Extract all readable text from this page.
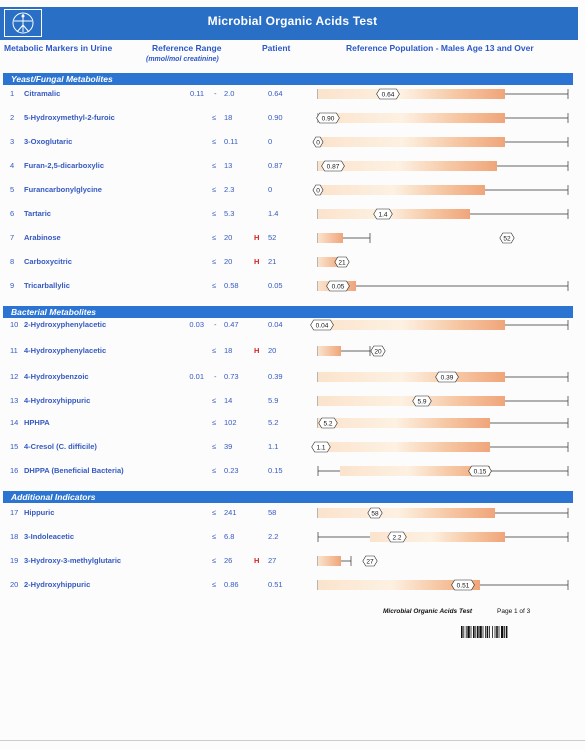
Microbial Organic Acids Test
Metabolic Markers in Urine	Reference Range
(mmol/mol creatinine)
Patient	Reference Population - Males Age 13 and Over
Yeast/Fungal Metabolites
Bacterial Metabolites
Additional Indicators
1 Citramalic	0.11 - 2.0	0.64
2 5-Hydroxymethyl-2-furoic	≤ 18	0.90
3 3-Oxoglutaric	≤ 0.11	0
4 Furan-2,5-dicarboxylic	≤ 13	0.87
5 Furancarbonylglycine	≤ 2.3	0
6 Tartaric	≤ 5.3	1.4
7 Arabinose	≤ 20	H 52
8 Carboxycitric	≤ 20	H 21
9 Tricarballylic	≤ 0.58	0.05
10 2-Hydroxyphenylacetic	0.03 - 0.47	0.04
11 4-Hydroxyphenylacetic	≤ 18	H 20
12 4-Hydroxybenzoic	0.01 - 0.73	0.39
13 4-Hydroxyhippuric	≤ 14	5.9
14 HPHPA	≤ 102	5.2
15 4-Cresol (C. difficile)	≤ 39	1.1
16 DHPPA (Beneficial Bacteria)	≤ 0.23	0.15
17 Hippuric	≤ 241	58
18 3-Indoleacetic	≤ 6.8	2.2
19 3-Hydroxy-3-methylglutaric	≤ 26	H 27
20 2-Hydroxyhippuric	≤ 0.86	0.51
0.64
0.90
0
0.87
0
1.4
52
21
0.05
0.04
20
0.39
5.9
5.2
1.1
0.15
58
2.2
27
0.51
Microbial Organic Acids Test	Page 1 of 3
